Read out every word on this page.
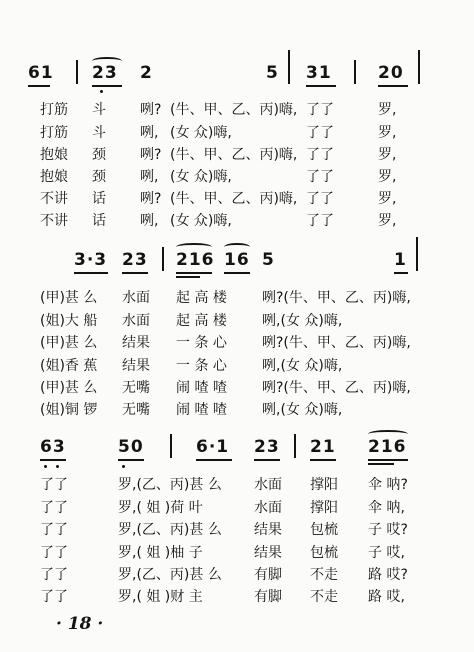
61 23 2	5 31	20
打筋 斗 咧? (牛、甲、乙、丙)嗨, 了了	罗,
打筋 斗 咧, (女 众)嗨,	了了	罗,
抱娘 颈 咧? (牛、甲、乙、丙)嗨, 了了	罗,
抱娘 颈 咧, (女 众)嗨,	了了	罗,
不讲 话 咧? (牛、甲、乙、丙)嗨, 了了	罗,
不讲 话 咧, (女 众)嗨,	了了	罗,
3·3 23 216 16 5	1
(甲)甚 么 水面 起 高 楼	咧?(牛、甲、乙、丙)嗨,
(姐)大 船 水面 起 高 楼	咧,(女 众)嗨,
(甲)甚 么 结果 一 条 心	咧?(牛、甲、乙、丙)嗨,
(姐)香 蕉 结果 一 条 心	咧,(女 众)嗨,
(甲)甚 么 无嘴 闹 喳 喳	咧?(牛、甲、乙、丙)嗨,
(姐)铜 锣 无嘴 闹 喳 喳	咧,(女 众)嗨,
63	50	6·1 23 21 216
了了	罗,(乙、丙)甚 么 水面 撑阳 伞 呐?
了了	罗,( 姐 )荷 叶	水面 撑阳 伞 呐,
了了	罗,(乙、丙)甚 么 结果 包梳 子 哎?
了了	罗,( 姐 )柚 子	结果 包梳 子 哎,
了了	罗,(乙、丙)甚 么 有脚 不走 路 哎?
了了	罗,( 姐 )财 主	有脚 不走 路 哎,
· 18 ·
